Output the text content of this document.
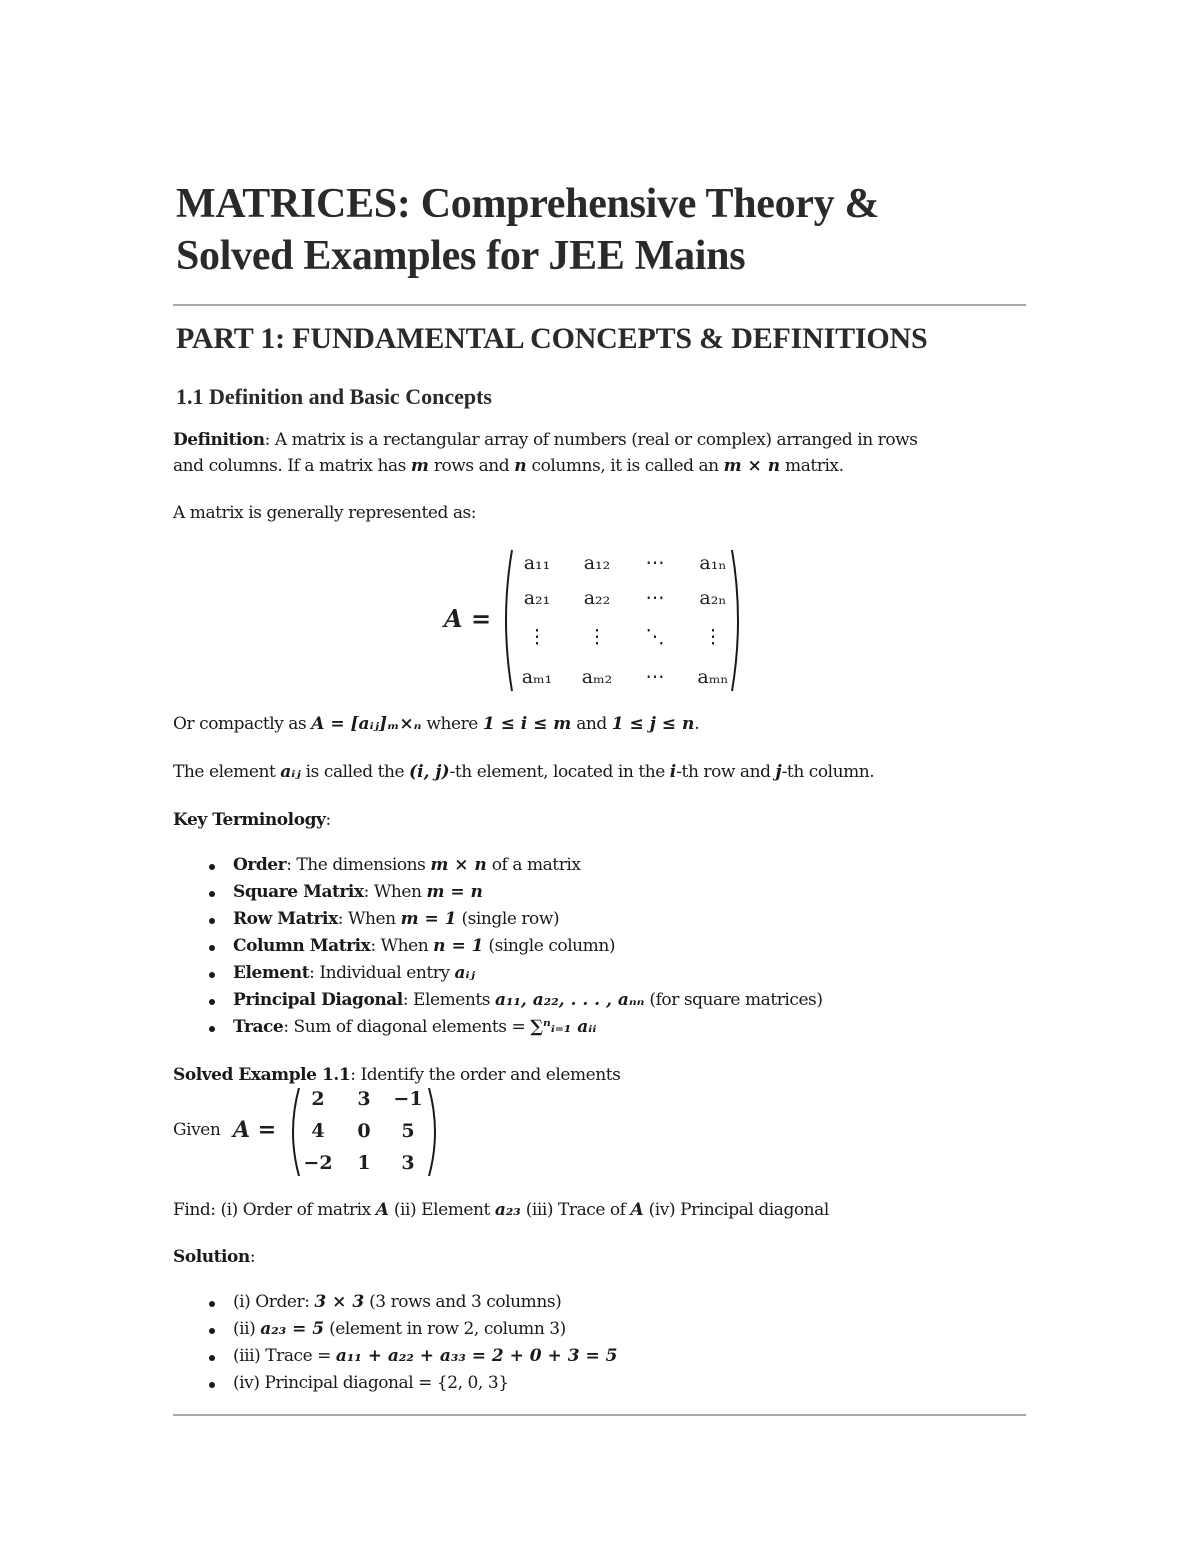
MATRICES: Comprehensive Theory &
Solved Examples for JEE Mains
PART 1: FUNDAMENTAL CONCEPTS & DEFINITIONS
1.1 Definition and Basic Concepts
Definition: A matrix is a rectangular array of numbers (real or complex) arranged in rows
and columns. If a matrix has m rows and n columns, it is called an m × n matrix.
A matrix is generally represented as:
A =
a₁₁	a₁₂	⋯	a₁ₙ
a₂₁	a₂₂	⋯	a₂ₙ
⋮	⋮	⋱	⋮
aₘ₁	aₘ₂	⋯	aₘₙ
Or compactly as A = [aᵢⱼ]ₘ×ₙ where 1 ≤ i ≤ m and 1 ≤ j ≤ n.
The element aᵢⱼ is called the (i, j)-th element, located in the i-th row and j-th column.
Key Terminology:
Order: The dimensions m × n of a matrix
Square Matrix: When m = n
Row Matrix: When m = 1 (single row)
Column Matrix: When n = 1 (single column)
Element: Individual entry aᵢⱼ
Principal Diagonal: Elements a₁₁, a₂₂, . . . , aₙₙ (for square matrices)
Trace: Sum of diagonal elements = ∑ⁿᵢ₌₁ aᵢᵢ
Solved Example 1.1: Identify the order and elements
Given A =
2	3	−1
4	0	5
−2	1	3
Find: (i) Order of matrix A (ii) Element a₂₃ (iii) Trace of A (iv) Principal diagonal
Solution:
(i) Order: 3 × 3 (3 rows and 3 columns)
(ii) a₂₃ = 5 (element in row 2, column 3)
(iii) Trace = a₁₁ + a₂₂ + a₃₃ = 2 + 0 + 3 = 5
(iv) Principal diagonal = {2, 0, 3}
